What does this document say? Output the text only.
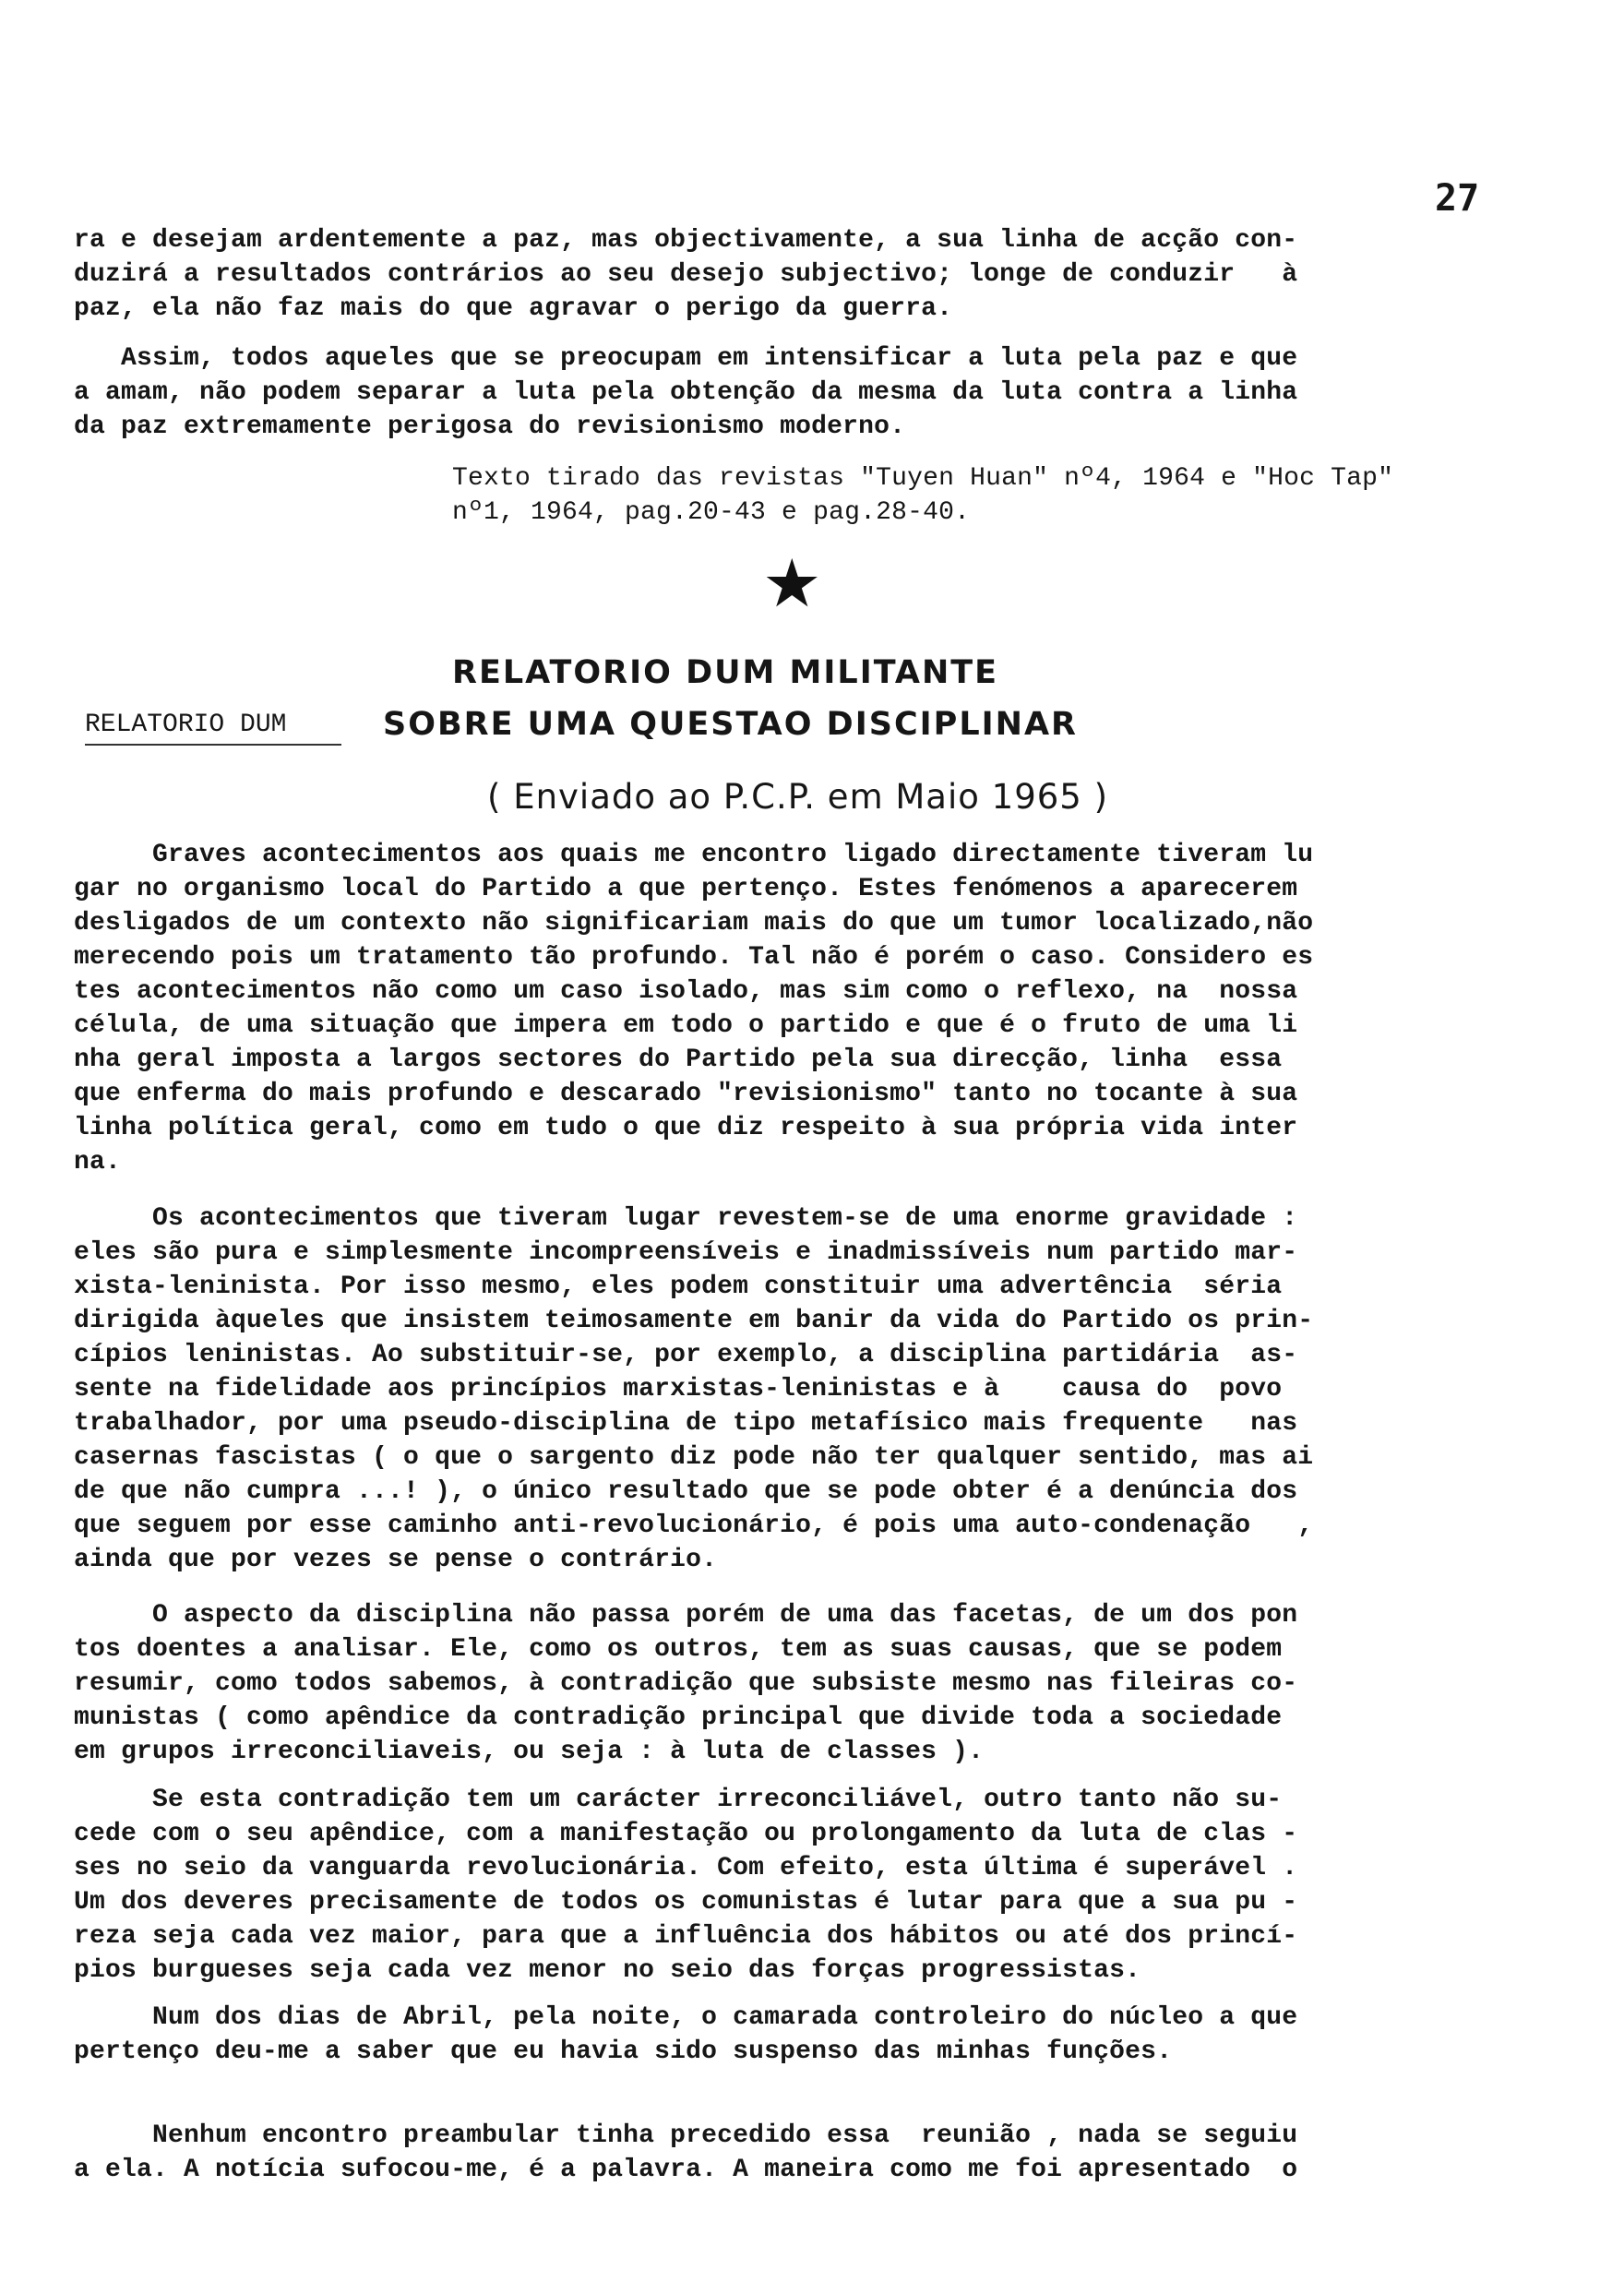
27
ra e desejam ardentemente a paz, mas objectivamente, a sua linha de acção con-
duzirá a resultados contrários ao seu desejo subjectivo; longe de conduzir   à
paz, ela não faz mais do que agravar o perigo da guerra.
Assim, todos aqueles que se preocupam em intensificar a luta pela paz e que
a amam, não podem separar a luta pela obtenção da mesma da luta contra a linha
da paz extremamente perigosa do revisionismo moderno.
Texto tirado das revistas "Tuyen Huan" nº4, 1964 e "Hoc Tap"
nº1, 1964, pag.20-43 e pag.28-40.
★
RELATORIO DUM MILITANTE
RELATORIO DUM	SOBRE UMA QUESTAO DISCIPLINAR
( Enviado ao P.C.P. em Maio 1965 )
Graves acontecimentos aos quais me encontro ligado directamente tiveram lu
gar no organismo local do Partido a que pertenço. Estes fenómenos a aparecerem
desligados de um contexto não significariam mais do que um tumor localizado,não
merecendo pois um tratamento tão profundo. Tal não é porém o caso. Considero es
tes acontecimentos não como um caso isolado, mas sim como o reflexo, na  nossa
célula, de uma situação que impera em todo o partido e que é o fruto de uma li
nha geral imposta a largos sectores do Partido pela sua direcção, linha  essa
que enferma do mais profundo e descarado "revisionismo" tanto no tocante à sua
linha política geral, como em tudo o que diz respeito à sua própria vida inter
na.
Os acontecimentos que tiveram lugar revestem-se de uma enorme gravidade :
eles são pura e simplesmente incompreensíveis e inadmissíveis num partido mar-
xista-leninista. Por isso mesmo, eles podem constituir uma advertência  séria
dirigida àqueles que insistem teimosamente em banir da vida do Partido os prin-
cípios leninistas. Ao substituir-se, por exemplo, a disciplina partidária  as-
sente na fidelidade aos princípios marxistas-leninistas e à    causa do  povo
trabalhador, por uma pseudo-disciplina de tipo metafísico mais frequente   nas
casernas fascistas ( o que o sargento diz pode não ter qualquer sentido, mas ai
de que não cumpra ...! ), o único resultado que se pode obter é a denúncia dos
que seguem por esse caminho anti-revolucionário, é pois uma auto-condenação   ,
ainda que por vezes se pense o contrário.
O aspecto da disciplina não passa porém de uma das facetas, de um dos pon
tos doentes a analisar. Ele, como os outros, tem as suas causas, que se podem
resumir, como todos sabemos, à contradição que subsiste mesmo nas fileiras co-
munistas ( como apêndice da contradição principal que divide toda a sociedade
em grupos irreconciliaveis, ou seja : à luta de classes ).
Se esta contradição tem um carácter irreconciliável, outro tanto não su-
cede com o seu apêndice, com a manifestação ou prolongamento da luta de clas -
ses no seio da vanguarda revolucionária. Com efeito, esta última é superável .
Um dos deveres precisamente de todos os comunistas é lutar para que a sua pu -
reza seja cada vez maior, para que a influência dos hábitos ou até dos princí-
pios burgueses seja cada vez menor no seio das forças progressistas.
Num dos dias de Abril, pela noite, o camarada controleiro do núcleo a que
pertenço deu-me a saber que eu havia sido suspenso das minhas funções.
Nenhum encontro preambular tinha precedido essa  reunião , nada se seguiu
a ela. A notícia sufocou-me, é a palavra. A maneira como me foi apresentado  o
